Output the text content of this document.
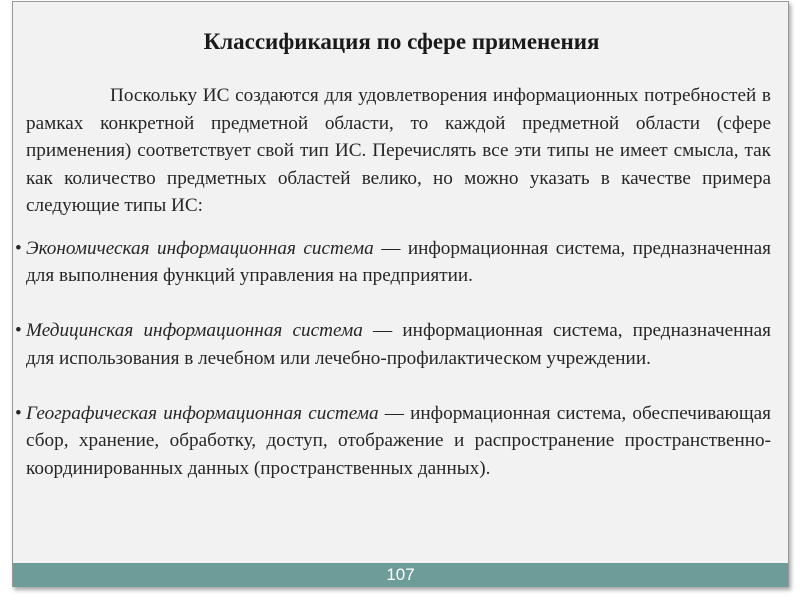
Классификация по сфере применения

Поскольку ИС создаются для удовлетворения информационных потребностей в рамках конкретной предметной области, то каждой предметной области (сфере применения) соответствует свой тип ИС. Перечислять все эти типы не имеет смысла, так как количество предметных областей велико, но можно указать в качестве примера следующие типы ИС:

• Экономическая информационная система — информационная система, предназначенная для выполнения функций управления на предприятии.

• Медицинская информационная система — информационная система, предназначенная для использования в лечебном или лечебно-профилактическом учреждении.

• Географическая информационная система — информационная система, обеспечивающая сбор, хранение, обработку, доступ, отображение и распространение пространственно-координированных данных (пространственных данных).

107
